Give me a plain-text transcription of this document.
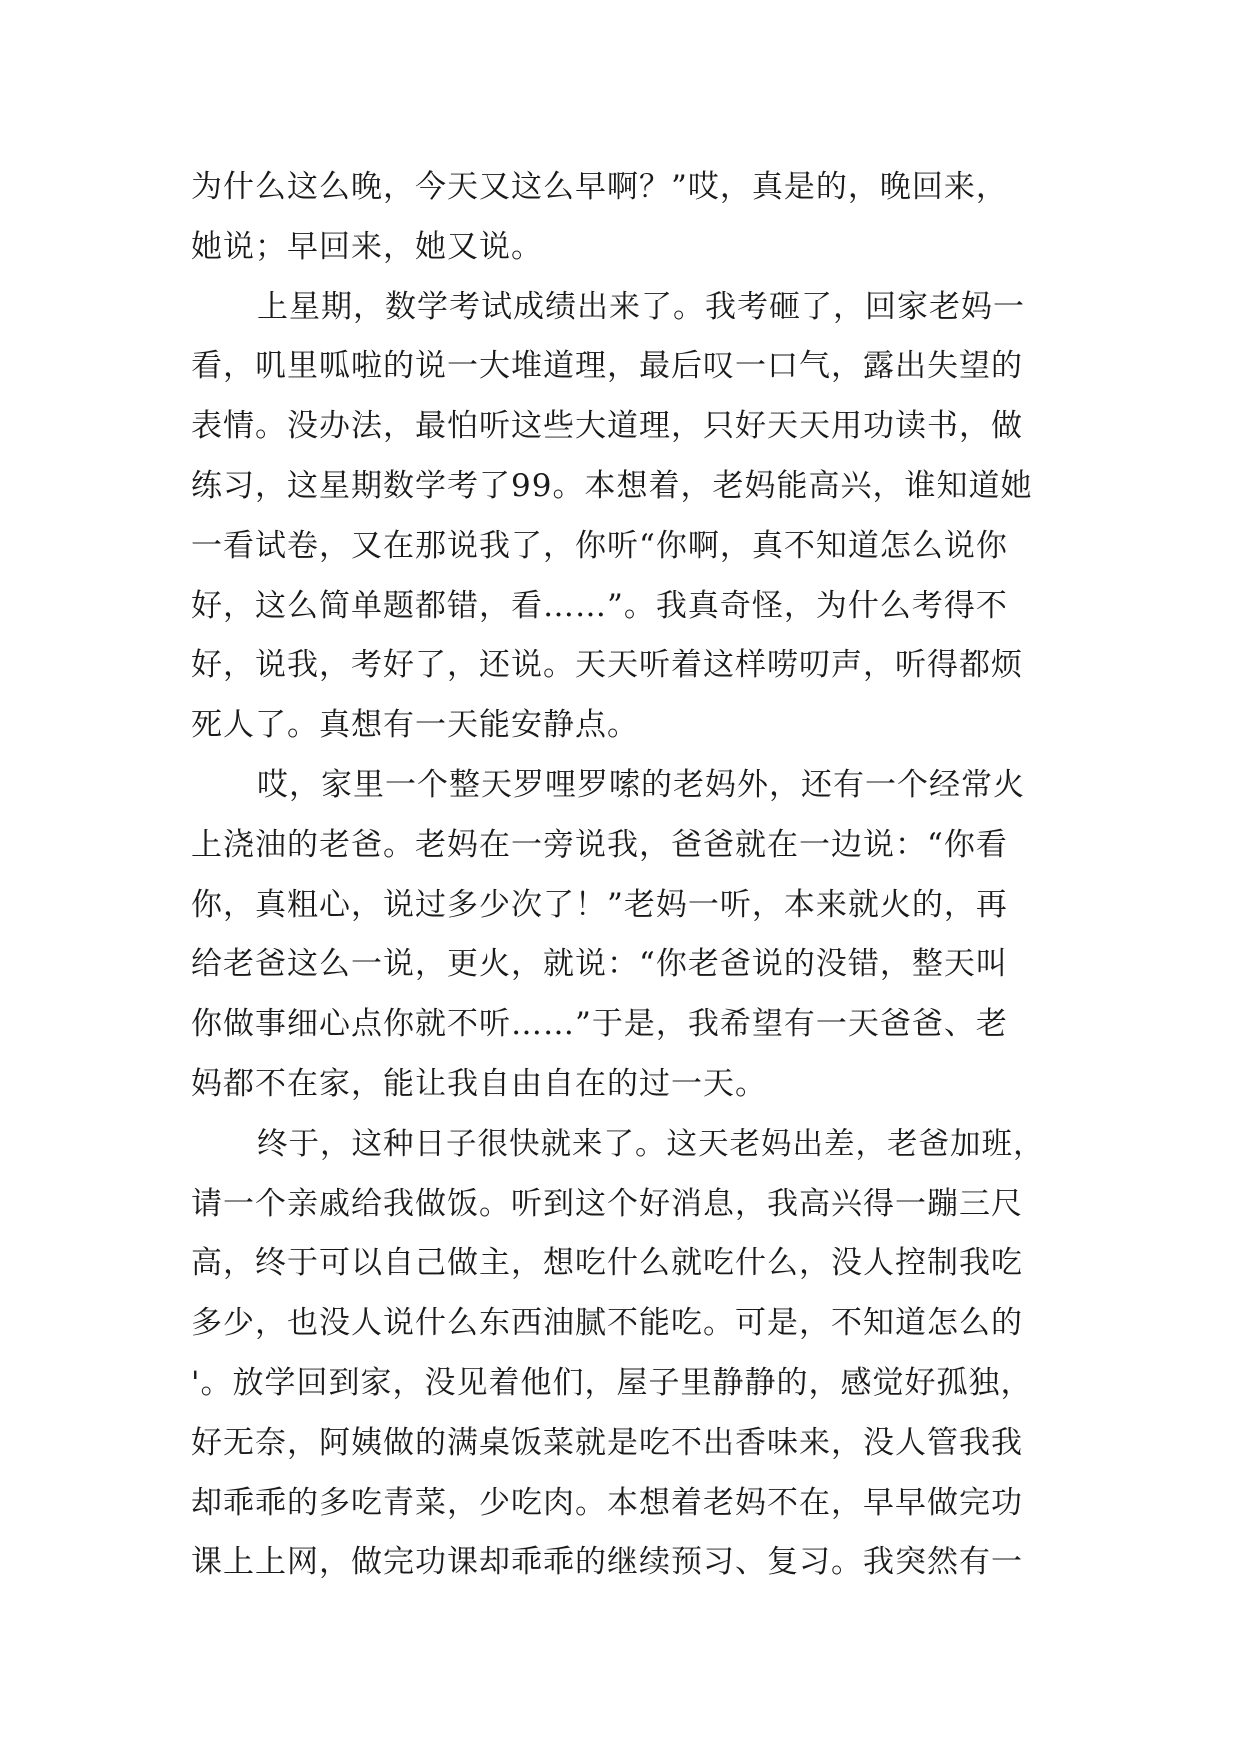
为什么这么晚，今天又这么早啊？”哎，真是的，晚回来，
她说；早回来，她又说。
上星期，数学考试成绩出来了。我考砸了，回家老妈一
看，叽里呱啦的说一大堆道理，最后叹一口气，露出失望的
表情。没办法，最怕听这些大道理，只好天天用功读书，做
练习，这星期数学考了99。本想着，老妈能高兴，谁知道她
一看试卷，又在那说我了，你听“你啊，真不知道怎么说你
好，这么简单题都错，看……”。我真奇怪，为什么考得不
好，说我，考好了，还说。天天听着这样唠叨声，听得都烦
死人了。真想有一天能安静点。
哎，家里一个整天罗哩罗嗦的老妈外，还有一个经常火
上浇油的老爸。老妈在一旁说我，爸爸就在一边说：“你看
你，真粗心，说过多少次了！”老妈一听，本来就火的，再
给老爸这么一说，更火，就说：“你老爸说的没错，整天叫
你做事细心点你就不听……”于是，我希望有一天爸爸、老
妈都不在家，能让我自由自在的过一天。
终于，这种日子很快就来了。这天老妈出差，老爸加班，
请一个亲戚给我做饭。听到这个好消息，我高兴得一蹦三尺
高，终于可以自己做主，想吃什么就吃什么，没人控制我吃
多少，也没人说什么东西油腻不能吃。可是，不知道怎么的
'。放学回到家，没见着他们，屋子里静静的，感觉好孤独，
好无奈，阿姨做的满桌饭菜就是吃不出香味来，没人管我我
却乖乖的多吃青菜，少吃肉。本想着老妈不在，早早做完功
课上上网，做完功课却乖乖的继续预习、复习。我突然有一
